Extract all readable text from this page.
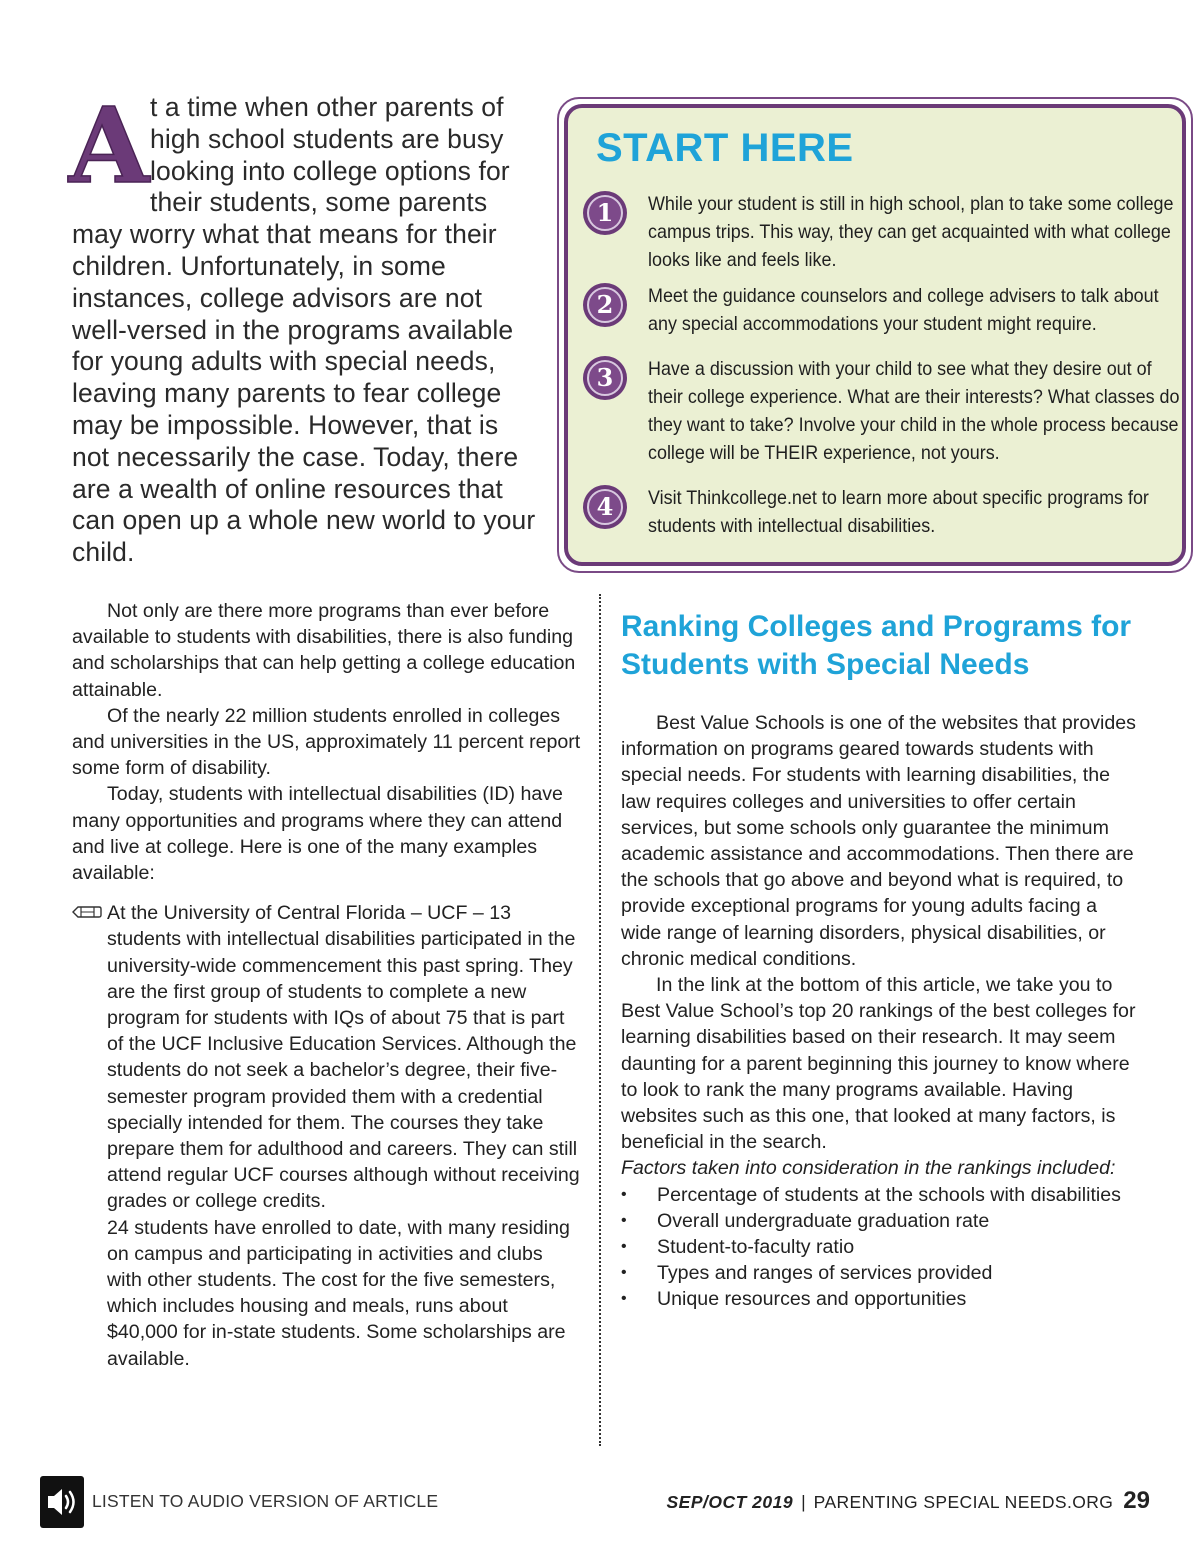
A t a time when other parents of high school students are busy looking into college options for their students, some parents may worry what that means for their children. Unfortunately, in some instances, college advisors are not well-versed in the programs available for young adults with special needs, leaving many parents to fear college may be impossible. However, that is not necessarily the case. Today, there are a wealth of online resources that can open up a whole new world to your child.
START HERE
1 While your student is still in high school, plan to take some college campus trips. This way, they can get acquainted with what college looks like and feels like.
2 Meet the guidance counselors and college advisers to talk about any special accommodations your student might require.
3 Have a discussion with your child to see what they desire out of their college experience. What are their interests? What classes do they want to take? Involve your child in the whole process because college will be THEIR experience, not yours.
4 Visit Thinkcollege.net to learn more about specific programs for students with intellectual disabilities.

Not only are there more programs than ever before available to students with disabilities, there is also funding and scholarships that can help getting a college education attainable.

Of the nearly 22 million students enrolled in colleges and universities in the US, approximately 11 percent report some form of disability.

Today, students with intellectual disabilities (ID) have many opportunities and programs where they can attend and live at college. Here is one of the many examples available:

At the University of Central Florida – UCF – 13 students with intellectual disabilities participated in the university-wide commencement this past spring. They are the first group of students to complete a new program for students with IQs of about 75 that is part of the UCF Inclusive Education Services. Although the students do not seek a bachelor’s degree, their five-semester program provided them with a credential specially intended for them. The courses they take prepare them for adulthood and careers. They can still attend regular UCF courses although without receiving grades or college credits.

24 students have enrolled to date, with many residing on campus and participating in activities and clubs with other students. The cost for the five semesters, which includes housing and meals, runs about $40,000 for in-state students. Some scholarships are available.

Ranking Colleges and Programs for Students with Special Needs

Best Value Schools is one of the websites that provides information on programs geared towards students with special needs. For students with learning disabilities, the law requires colleges and universities to offer certain services, but some schools only guarantee the minimum academic assistance and accommodations. Then there are the schools that go above and beyond what is required, to provide exceptional programs for young adults facing a wide range of learning disorders, physical disabilities, or chronic medical conditions.

In the link at the bottom of this article, we take you to Best Value School’s top 20 rankings of the best colleges for learning disabilities based on their research. It may seem daunting for a parent beginning this journey to know where to look to rank the many programs available. Having websites such as this one, that looked at many factors, is beneficial in the search.

Factors taken into consideration in the rankings included:

• Percentage of students at the schools with disabilities
• Overall undergraduate graduation rate
• Student-to-faculty ratio
• Types and ranges of services provided
• Unique resources and opportunities
LISTEN TO AUDIO VERSION OF ARTICLE	SEP/OCT 2019 | PARENTING SPECIAL NEEDS.ORG 29
